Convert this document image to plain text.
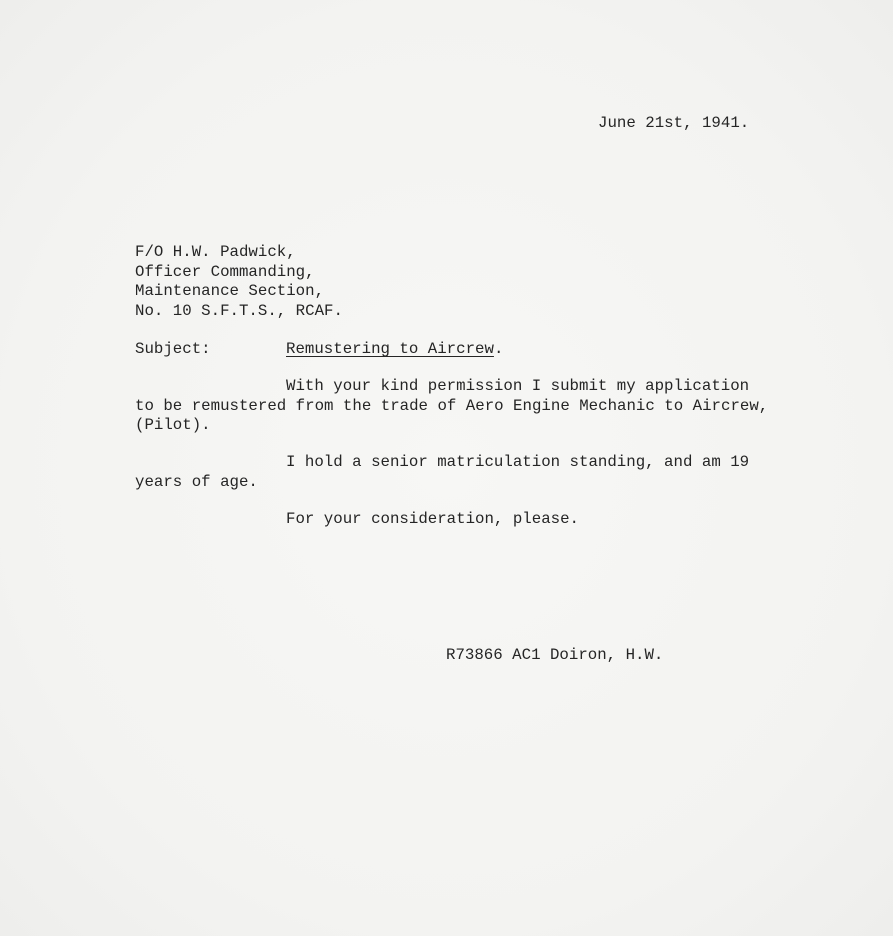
June 21st, 1941.
F/O H.W. Padwick,
Officer Commanding,
Maintenance Section,
No. 10 S.F.T.S., RCAF.
Subject:	Remustering to Aircrew.
With your kind permission I submit my application
to be remustered from the trade of Aero Engine Mechanic to Aircrew,
(Pilot).
I hold a senior matriculation standing, and am 19
years of age.
For your consideration, please.
R73866 AC1 Doiron, H.W.
